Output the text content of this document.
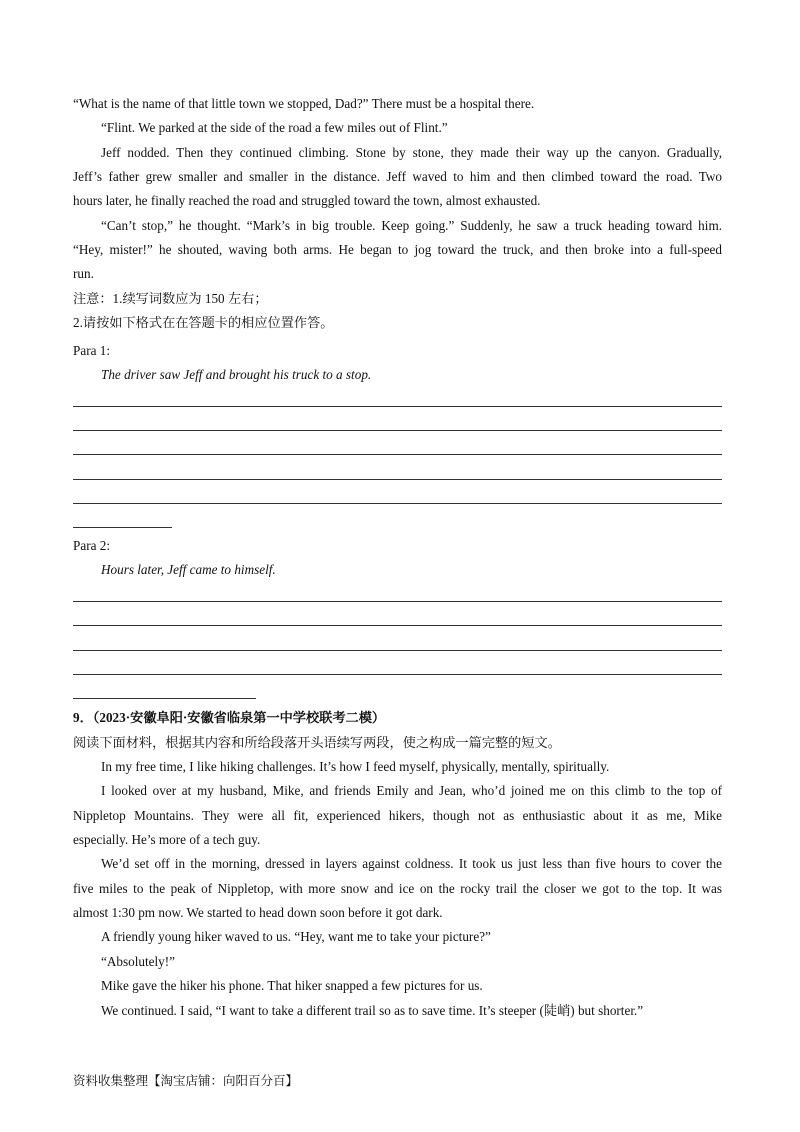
“What is the name of that little town we stopped, Dad?” There must be a hospital there.
“Flint. We parked at the side of the road a few miles out of Flint.”
Jeff nodded. Then they continued climbing. Stone by stone, they made their way up the canyon. Gradually,
Jeff’s father grew smaller and smaller in the distance. Jeff waved to him and then climbed toward the road. Two
hours later, he finally reached the road and struggled toward the town, almost exhausted.
“Can’t stop,” he thought. “Mark’s in big trouble. Keep going.” Suddenly, he saw a truck heading toward him.
“Hey, mister!” he shouted, waving both arms. He began to jog toward the truck, and then broke into a full-speed
run.
注意：1.续写词数应为 150 左右；
2.请按如下格式在在答题卡的相应位置作答。
Para 1:
The driver saw Jeff and brought his truck to a stop.
Para 2:
Hours later, Jeff came to himself.
9．（2023·安徽阜阳·安徽省临泉第一中学校联考二模）
阅读下面材料，根据其内容和所给段落开头语续写两段，使之构成一篇完整的短文。
In my free time, I like hiking challenges. It’s how I feed myself, physically, mentally, spiritually.
I looked over at my husband, Mike, and friends Emily and Jean, who’d joined me on this climb to the top of
Nippletop Mountains. They were all fit, experienced hikers, though not as enthusiastic about it as me, Mike
especially. He’s more of a tech guy.
We’d set off in the morning, dressed in layers against coldness. It took us just less than five hours to cover the
five miles to the peak of Nippletop, with more snow and ice on the rocky trail the closer we got to the top. It was
almost 1:30 pm now. We started to head down soon before it got dark.
A friendly young hiker waved to us. “Hey, want me to take your picture?”
“Absolutely!”
Mike gave the hiker his phone. That hiker snapped a few pictures for us.
We continued. I said, “I want to take a different trail so as to save time. It’s steeper (陡峭) but shorter.”
资料收集整理【淘宝店铺：向阳百分百】
